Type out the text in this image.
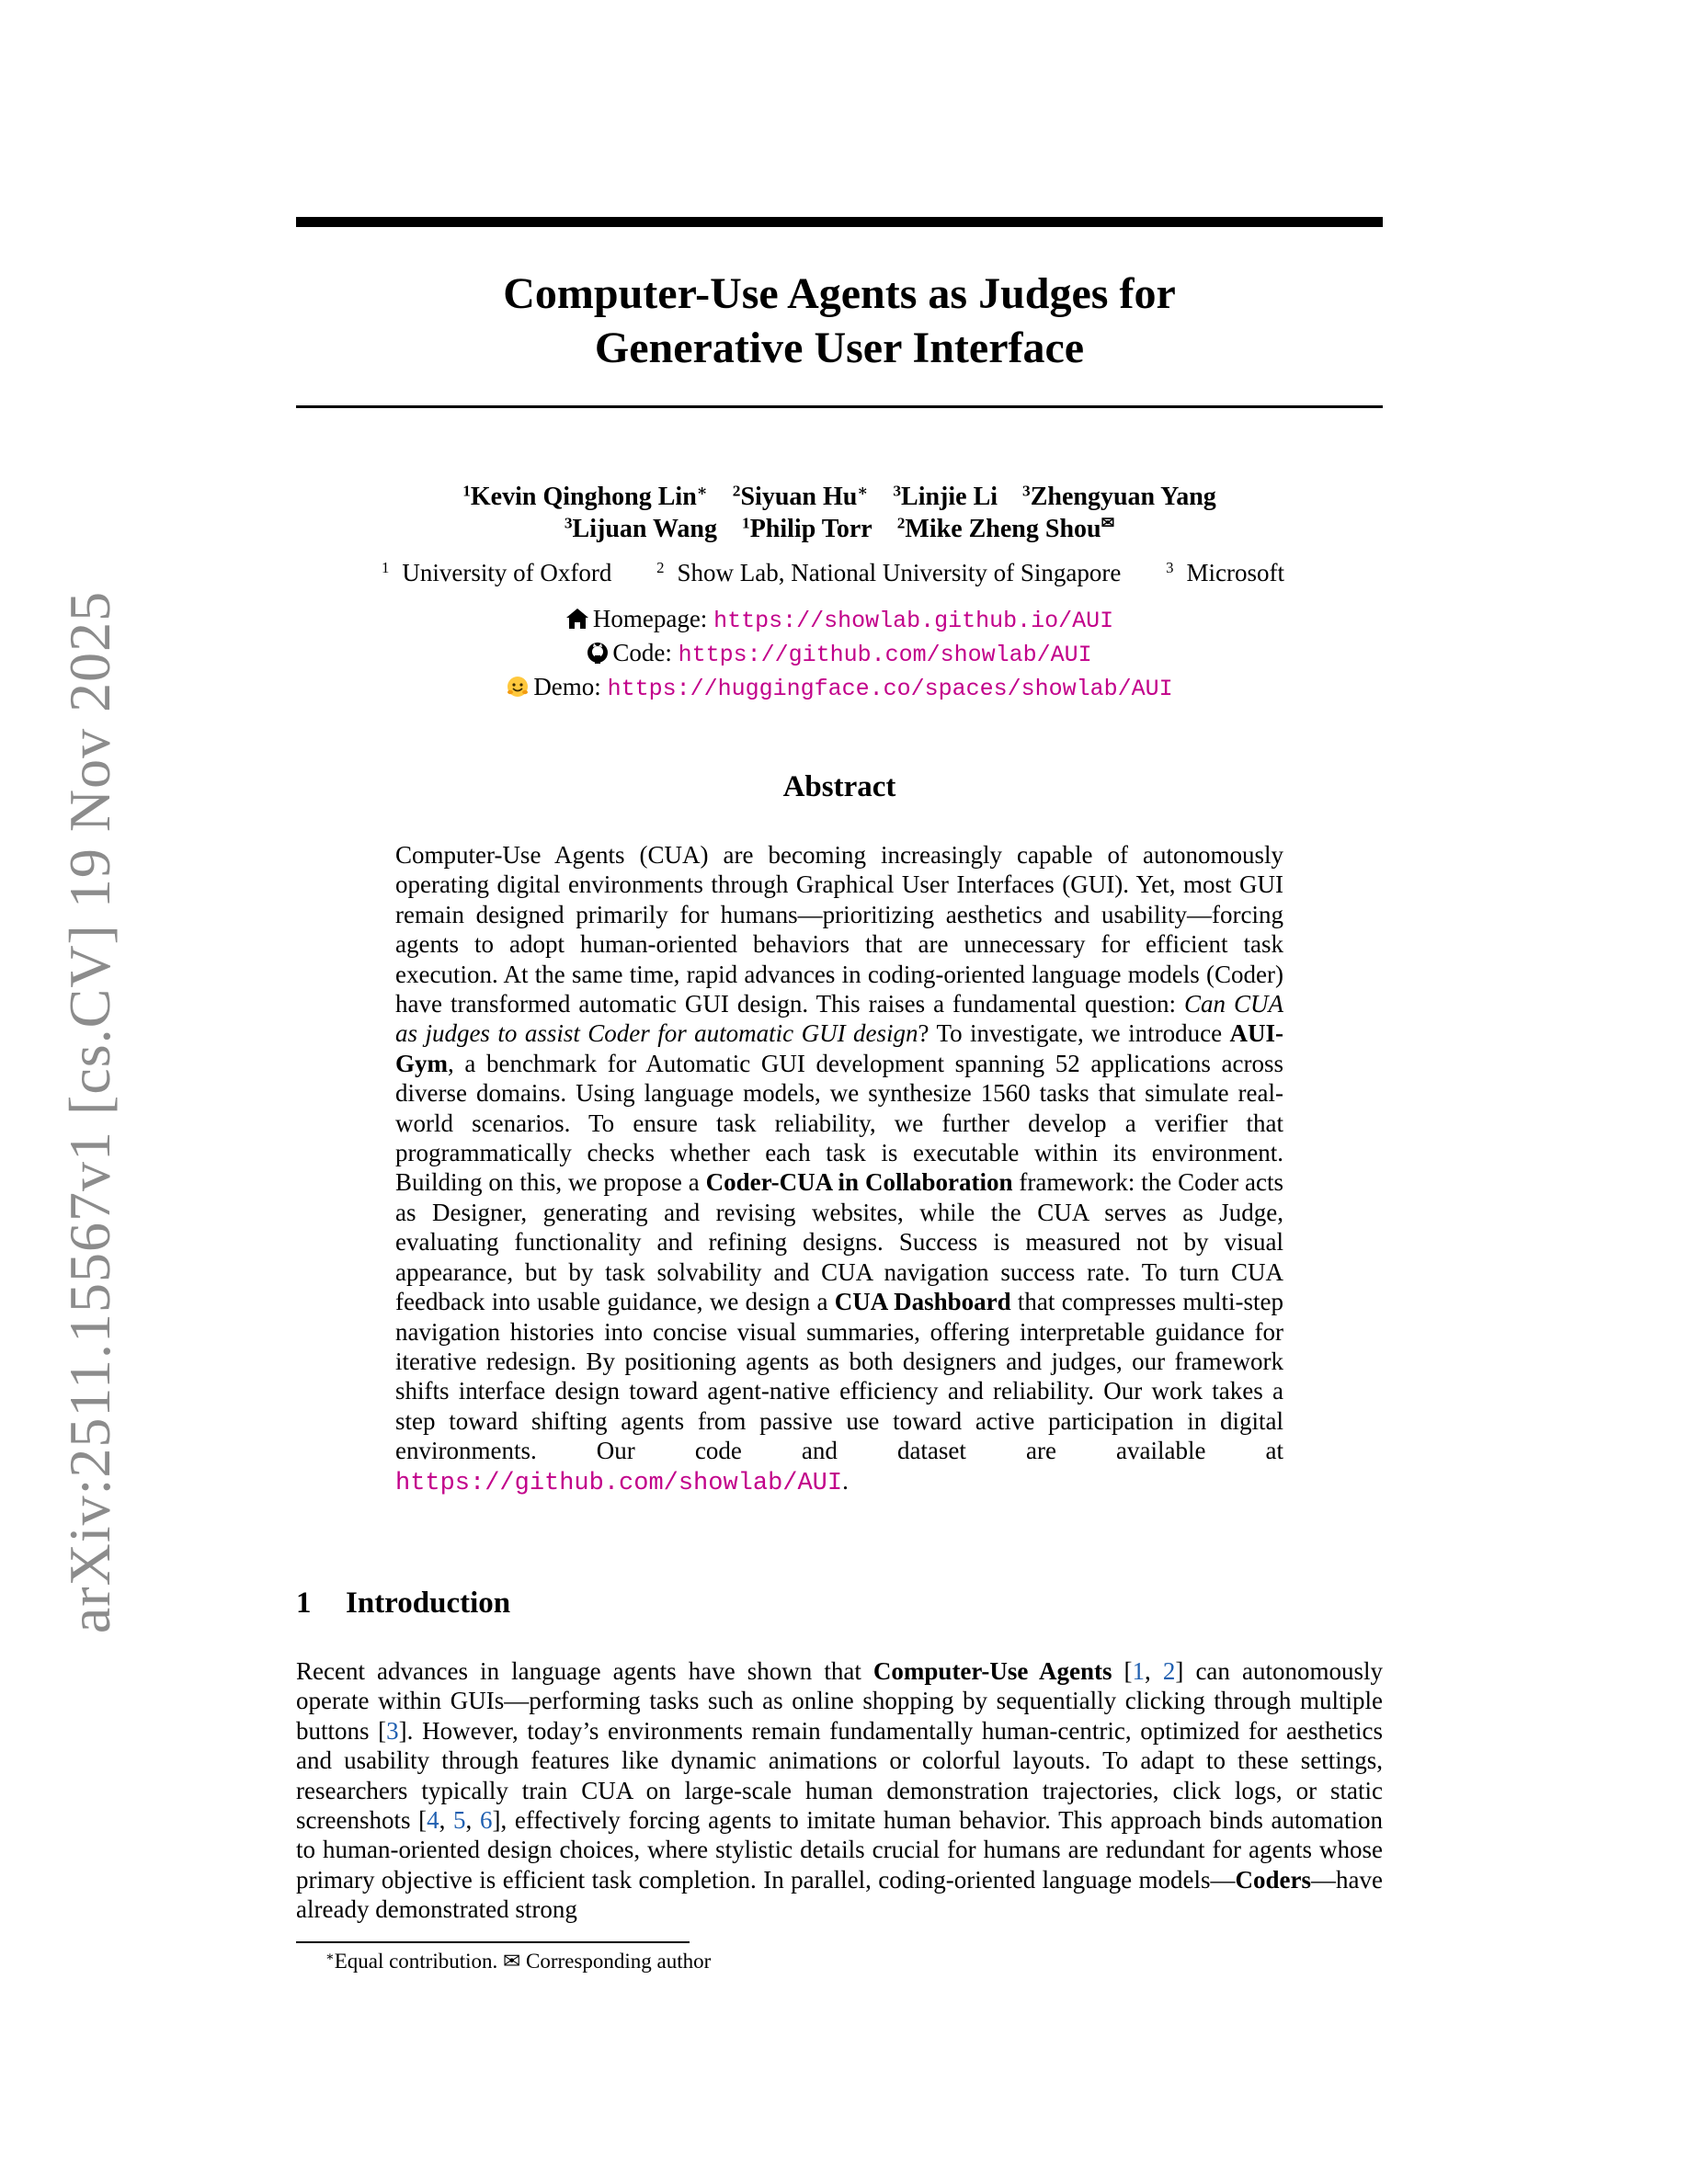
arXiv:2511.15567v1 [cs.CV] 19 Nov 2025
Computer-Use Agents as Judges for
Generative User Interface
$^1$Kevin Qinghong Lin∗ $^2$Siyuan Hu∗ $^3$Linjie Li $^3$Zhengyuan Yang
$^3$Lijuan Wang $^1$Philip Torr $^2$Mike Zheng Shou✉
$^1$ University of Oxford	$^2$ Show Lab, National University of Singapore	$^3$ Microsoft
Homepage: https://showlab.github.io/AUI
Code: https://github.com/showlab/AUI
Demo: https://huggingface.co/spaces/showlab/AUI
Abstract

Computer-Use Agents (CUA) are becoming increasingly capable of autonomously operating digital environments through Graphical User Interfaces (GUI). Yet, most GUI remain designed primarily for humans—prioritizing aesthetics and usability—forcing agents to adopt human-oriented behaviors that are unnecessary for efficient task execution. At the same time, rapid advances in coding-oriented language models (Coder) have transformed automatic GUI design. This raises a fundamental question: Can CUA as judges to assist Coder for automatic GUI design? To investigate, we introduce AUI-Gym, a benchmark for Automatic GUI development spanning 52 applications across diverse domains. Using language models, we synthesize 1560 tasks that simulate real-world scenarios. To ensure task reliability, we further develop a verifier that programmatically checks whether each task is executable within its environment. Building on this, we propose a Coder-CUA in Collaboration framework: the Coder acts as Designer, generating and revising websites, while the CUA serves as Judge, evaluating functionality and refining designs. Success is measured not by visual appearance, but by task solvability and CUA navigation success rate. To turn CUA feedback into usable guidance, we design a CUA Dashboard that compresses multi-step navigation histories into concise visual summaries, offering interpretable guidance for iterative redesign. By positioning agents as both designers and judges, our framework shifts interface design toward agent-native efficiency and reliability. Our work takes a step toward shifting agents from passive use toward active participation in digital environments. Our code and dataset are available at https://github.com/showlab/AUI.

1 Introduction

Recent advances in language agents have shown that Computer-Use Agents [1, 2] can autonomously operate within GUIs—performing tasks such as online shopping by sequentially clicking through multiple buttons [3]. However, today’s environments remain fundamentally human-centric, optimized for aesthetics and usability through features like dynamic animations or colorful layouts. To adapt to these settings, researchers typically train CUA on large-scale human demonstration trajectories, click logs, or static screenshots [4, 5, 6], effectively forcing agents to imitate human behavior. This approach binds automation to human-oriented design choices, where stylistic details crucial for humans are redundant for agents whose primary objective is efficient task completion. In parallel, coding-oriented language models—Coders—have already demonstrated strong

∗Equal contribution. ✉ Corresponding author
